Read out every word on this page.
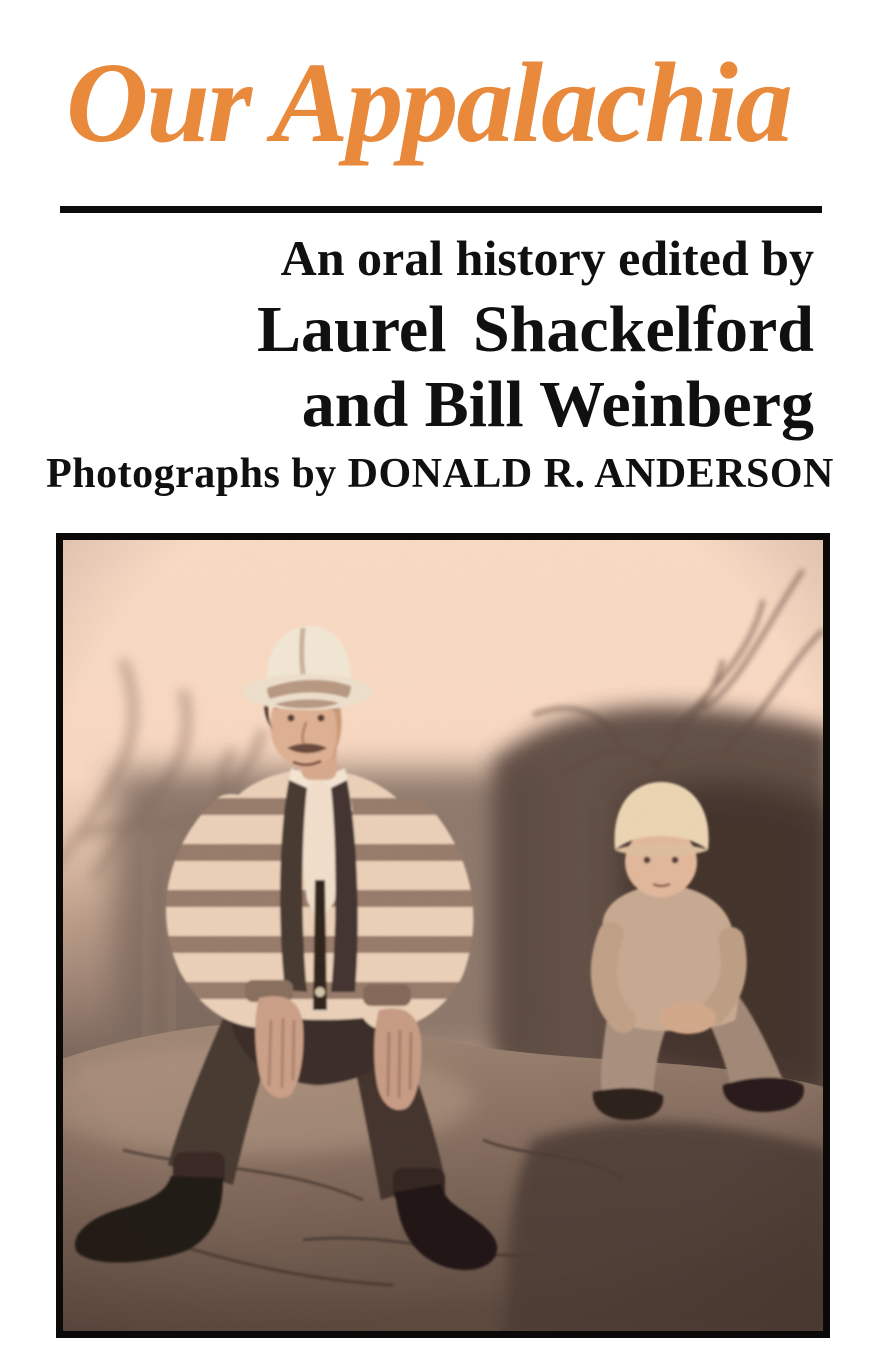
Our Appalachia
An oral history edited by
Laurel Shackelford
and Bill Weinberg
Photographs by DONALD R. ANDERSON
